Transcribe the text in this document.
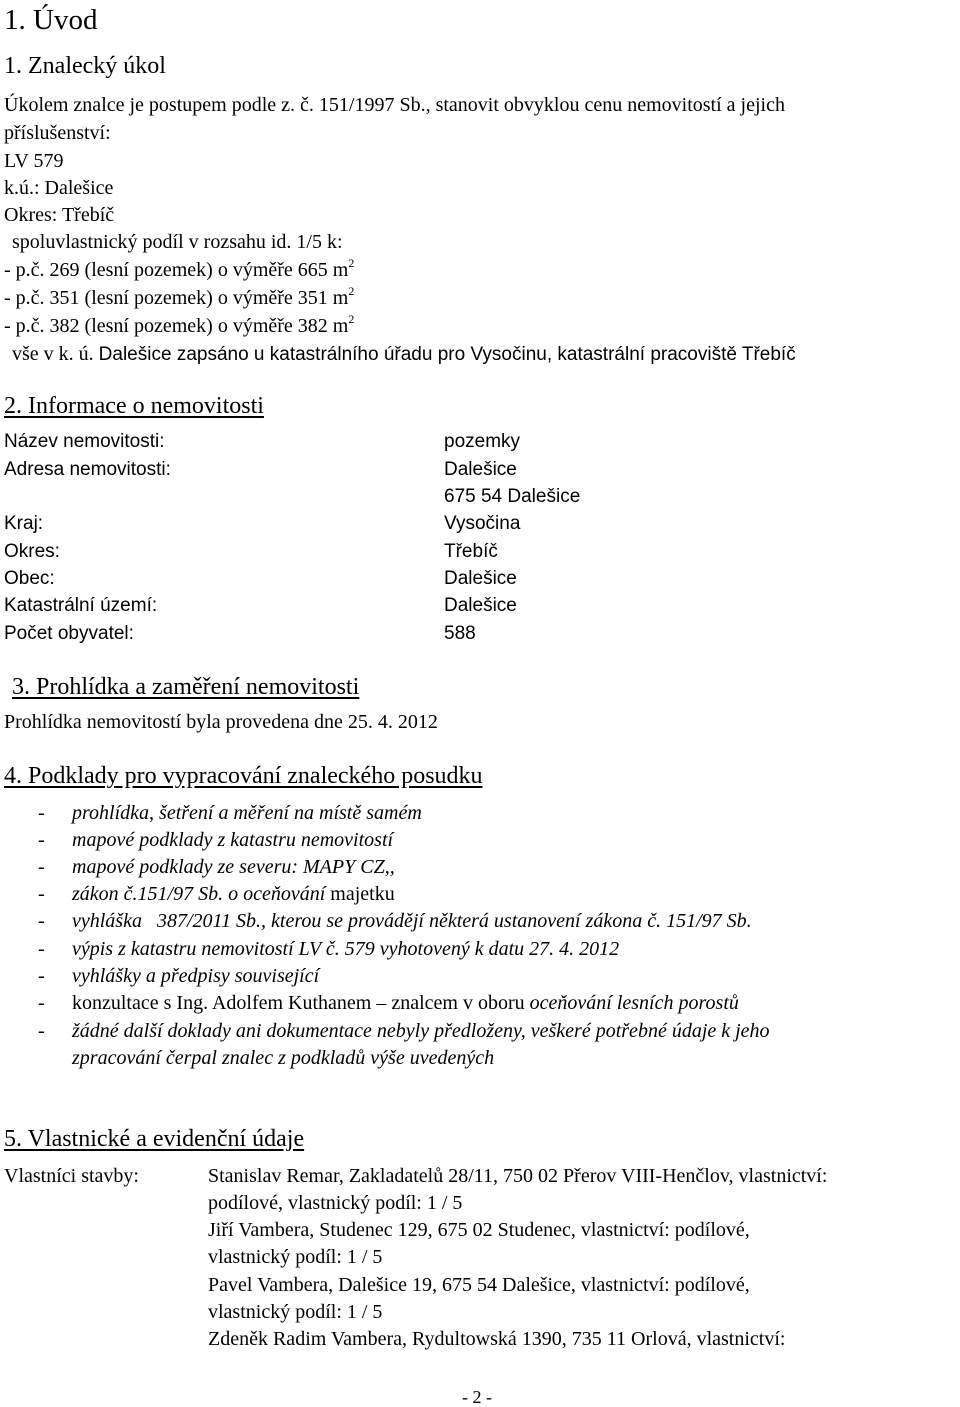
1. Úvod
1. Znalecký úkol
Úkolem znalce je postupem podle z. č. 151/1997 Sb., stanovit obvyklou cenu nemovitostí a jejich
příslušenství:
LV 579
k.ú.: Dalešice
Okres: Třebíč
spoluvlastnický podíl v rozsahu id. 1/5 k:
- p.č. 269 (lesní pozemek) o výměře 665 $m^2$
- p.č. 351 (lesní pozemek) o výměře 351 $m^2$
- p.č. 382 (lesní pozemek) o výměře 382 $m^2$
vše v k. ú. Dalešice zapsáno u katastrálního úřadu pro Vysočinu, katastrální pracoviště Třebíč
2. Informace o nemovitosti
Název nemovitosti:	pozemky
Adresa nemovitosti:	Dalešice
675 54 Dalešice
Kraj:	Vysočina
Okres:	Třebíč
Obec:	Dalešice
Katastrální území:	Dalešice
Počet obyvatel:	588
3. Prohlídka a zaměření nemovitosti
Prohlídka nemovitostí byla provedena dne 25. 4. 2012
4. Podklady pro vypracování znaleckého posudku
- prohlídka, šetření a měření na místě samém
- mapové podklady z katastru nemovitostí
- mapové podklady ze severu: MAPY CZ,,
- zákon č.151/97 Sb. o oceňování majetku
- vyhláška   387/2011 Sb., kterou se provádějí některá ustanovení zákona č. 151/97 Sb.
- výpis z katastru nemovitostí LV č. 579 vyhotovený k datu 27. 4. 2012
- vyhlášky a předpisy související
- konzultace s Ing. Adolfem Kuthanem – znalcem v oboru oceňování lesních porostů
- žádné další doklady ani dokumentace nebyly předloženy, veškeré potřebné údaje k jeho
zpracování čerpal znalec z podkladů výše uvedených
5. Vlastnické a evidenční údaje
Vlastníci stavby:	Stanislav Remar, Zakladatelů 28/11, 750 02 Přerov VIII-Henčlov, vlastnictví:
podílové, vlastnický podíl: 1 / 5
Jiří Vambera, Studenec 129, 675 02 Studenec, vlastnictví: podílové,
vlastnický podíl: 1 / 5
Pavel Vambera, Dalešice 19, 675 54 Dalešice, vlastnictví: podílové,
vlastnický podíl: 1 / 5
Zdeněk Radim Vambera, Rydultowská 1390, 735 11 Orlová, vlastnictví:
- 2 -
